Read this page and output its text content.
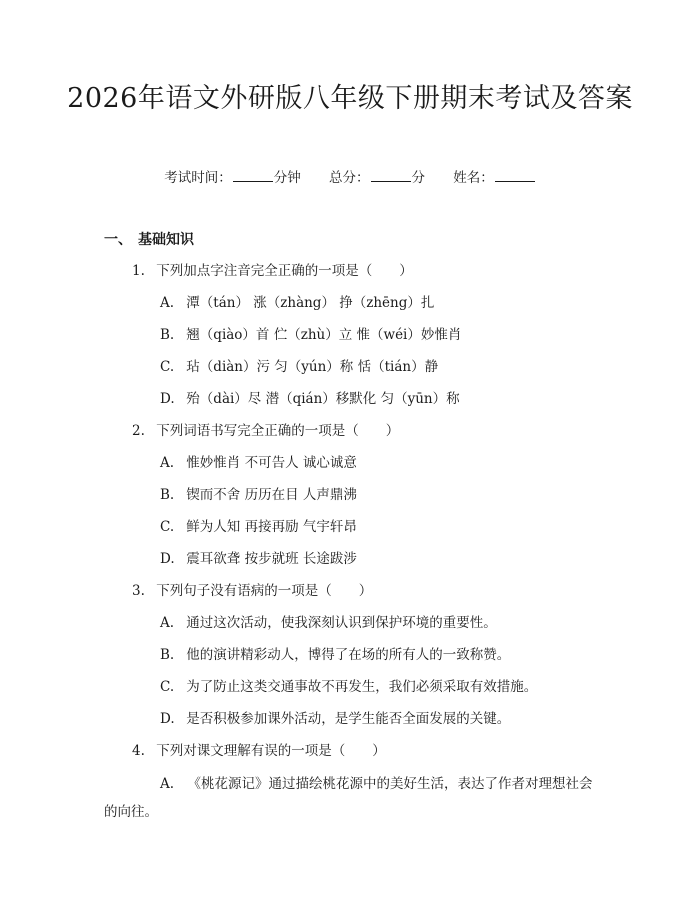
2026年语文外研版八年级下册期末考试及答案
考试时间：	分钟 总分：	分 姓名：
一、 基础知识
1. 下列加点字注音完全正确的一项是（　　）
A. 潭（tán） 涨（zhàng） 挣（zhēng）扎
B. 翘（qiào）首 伫（zhù）立 惟（wéi）妙惟肖
C. 玷（diàn）污 匀（yún）称 恬（tián）静
D. 殆（dài）尽 潜（qián）移默化 匀（yūn）称
2. 下列词语书写完全正确的一项是（　　）
A. 惟妙惟肖 不可告人 诚心诚意
B. 锲而不舍 历历在目 人声鼎沸
C. 鲜为人知 再接再励 气宇轩昂
D. 震耳欲聋 按步就班 长途跋涉
3. 下列句子没有语病的一项是（　　）
A. 通过这次活动，使我深刻认识到保护环境的重要性。
B. 他的演讲精彩动人，博得了在场的所有人的一致称赞。
C. 为了防止这类交通事故不再发生，我们必须采取有效措施。
D. 是否积极参加课外活动，是学生能否全面发展的关键。
4. 下列对课文理解有误的一项是（　　）
A.  《桃花源记》通过描绘桃花源中的美好生活，表达了作者对理想社会的向往。
